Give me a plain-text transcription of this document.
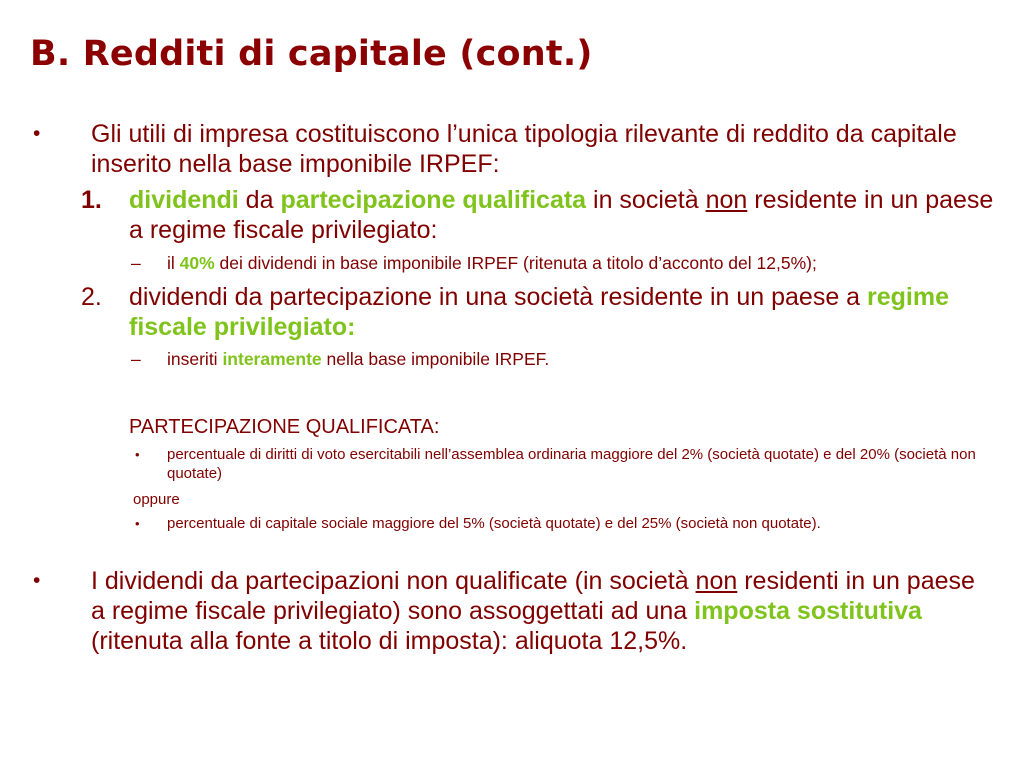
B. Redditi di capitale (cont.)
• Gli utili di impresa costituiscono l’unica tipologia rilevante di reddito da capitale inserito nella base imponibile IRPEF:
1. dividendi da partecipazione qualificata in società non residente in un paese a regime fiscale privilegiato:
– il 40% dei dividendi in base imponibile IRPEF (ritenuta a titolo d’acconto del 12,5%);
2. dividendi da partecipazione in una società residente in un paese a regime fiscale privilegiato:
– inseriti interamente nella base imponibile IRPEF.
PARTECIPAZIONE QUALIFICATA:
• percentuale di diritti di voto esercitabili nell’assemblea ordinaria maggiore del 2% (società quotate) e del 20% (società non quotate)
oppure
• percentuale di capitale sociale maggiore del 5% (società quotate) e del 25% (società non quotate).
• I dividendi da partecipazioni non qualificate (in società non residenti in un paese a regime fiscale privilegiato) sono assoggettati ad una imposta sostitutiva (ritenuta alla fonte a titolo di imposta): aliquota 12,5%.
